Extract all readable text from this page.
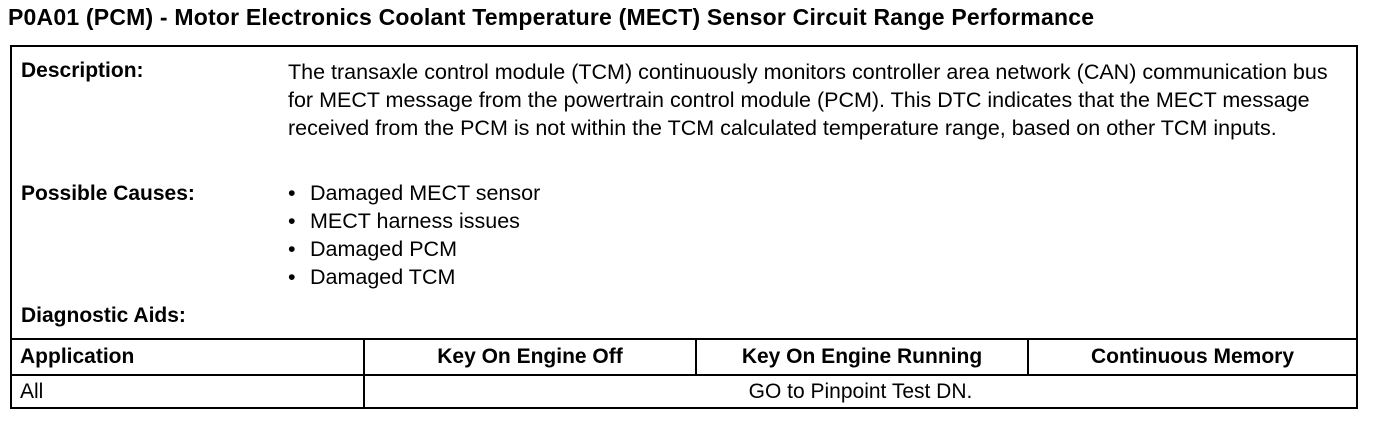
P0A01 (PCM) - Motor Electronics Coolant Temperature (MECT) Sensor Circuit Range Performance
Description:	The transaxle control module (TCM) continuously monitors controller area network (CAN) communication bus for MECT message from the powertrain control module (PCM). This DTC indicates that the MECT message received from the PCM is not within the TCM calculated temperature range, based on other TCM inputs.

Possible Causes:	• Damaged MECT sensor
• MECT harness issues
• Damaged PCM
• Damaged TCM
Diagnostic Aids:
Application	Key On Engine Off	Key On Engine Running	Continuous Memory
All	GO to Pinpoint Test DN.		
